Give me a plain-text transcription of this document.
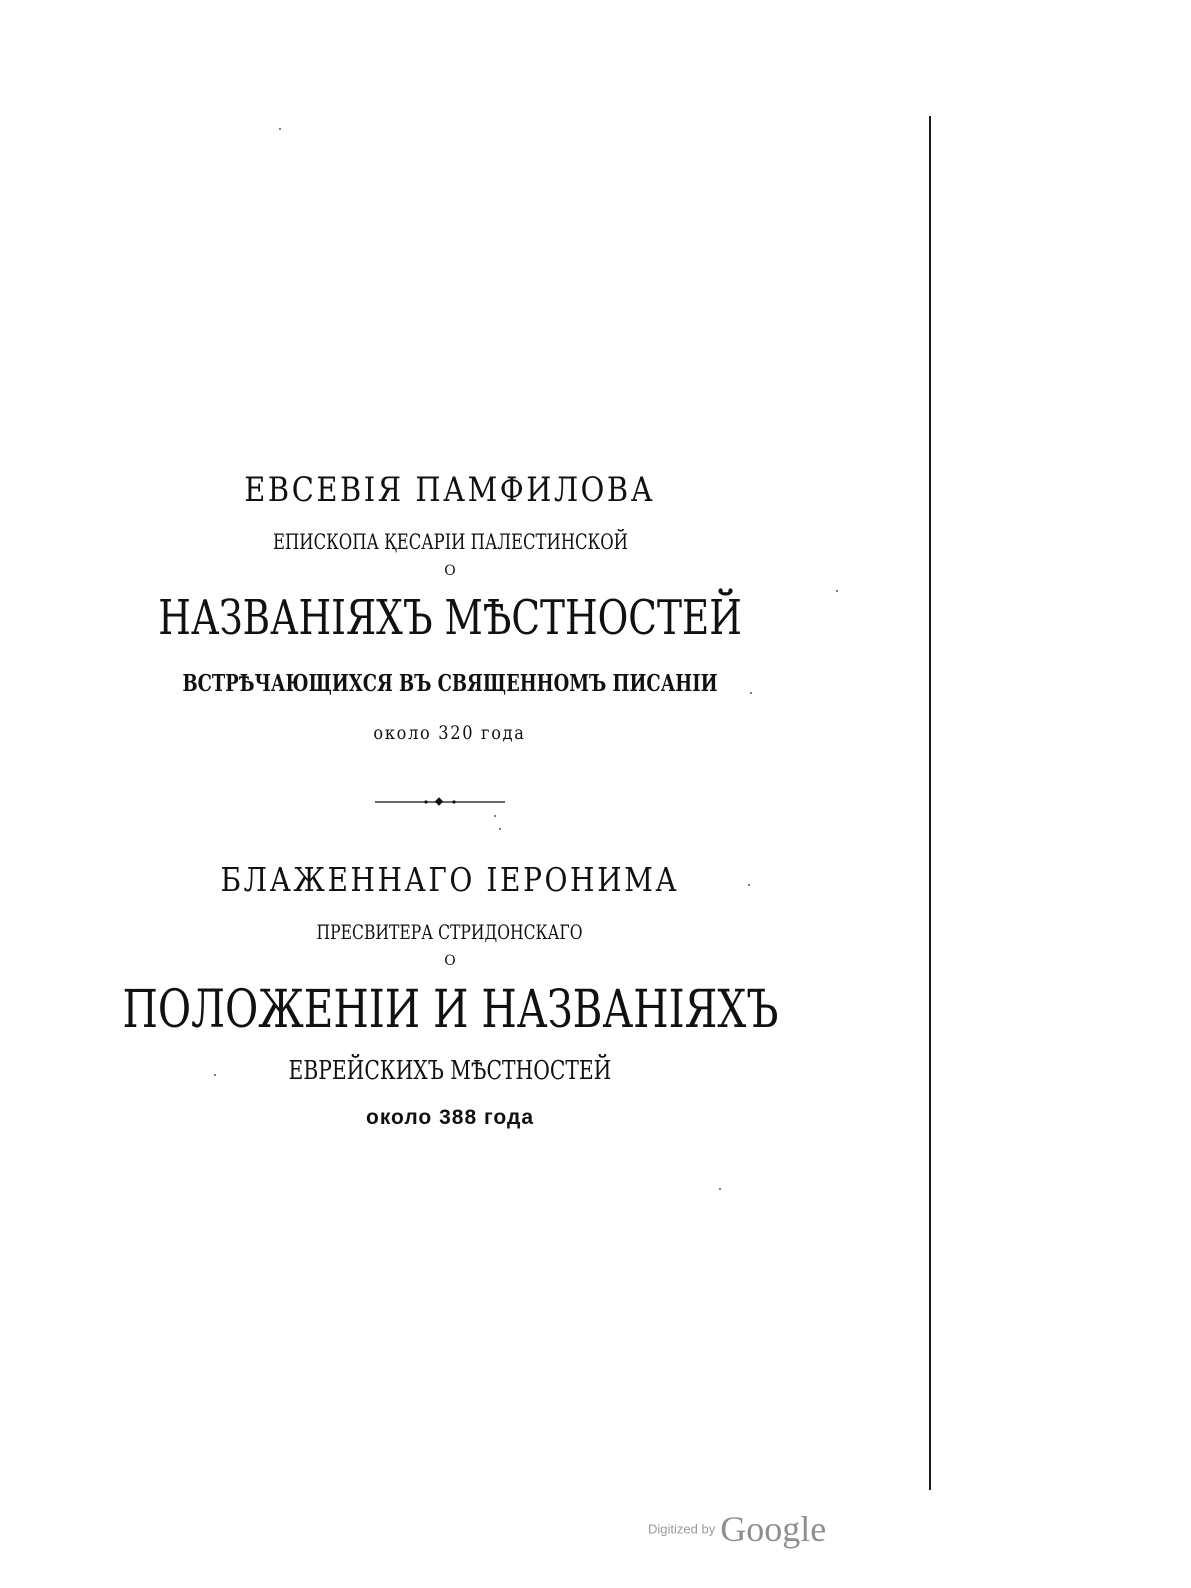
ЕВСЕВІЯ ПАМФИЛОВА
ЕПИСКОПА ҚЕСАРІИ ПАЛЕСТИНСКОЙ
О
НАЗВАНІЯХЪ МѢСТНОСТЕЙ
ВСТРѢЧАЮЩИХСЯ ВЪ СВЯЩЕННОМЪ ПИСАНІИ
около 320 года
БЛАЖЕННАГО ІЕРОНИМА
ПРЕСВИТЕРА СТРИДОНСКАГО
О
ПОЛОЖЕНІИ И НАЗВАНІЯХЪ
ЕВРЕЙСКИХЪ МѢСТНОСТЕЙ
около 388 года
Digitized by Google
